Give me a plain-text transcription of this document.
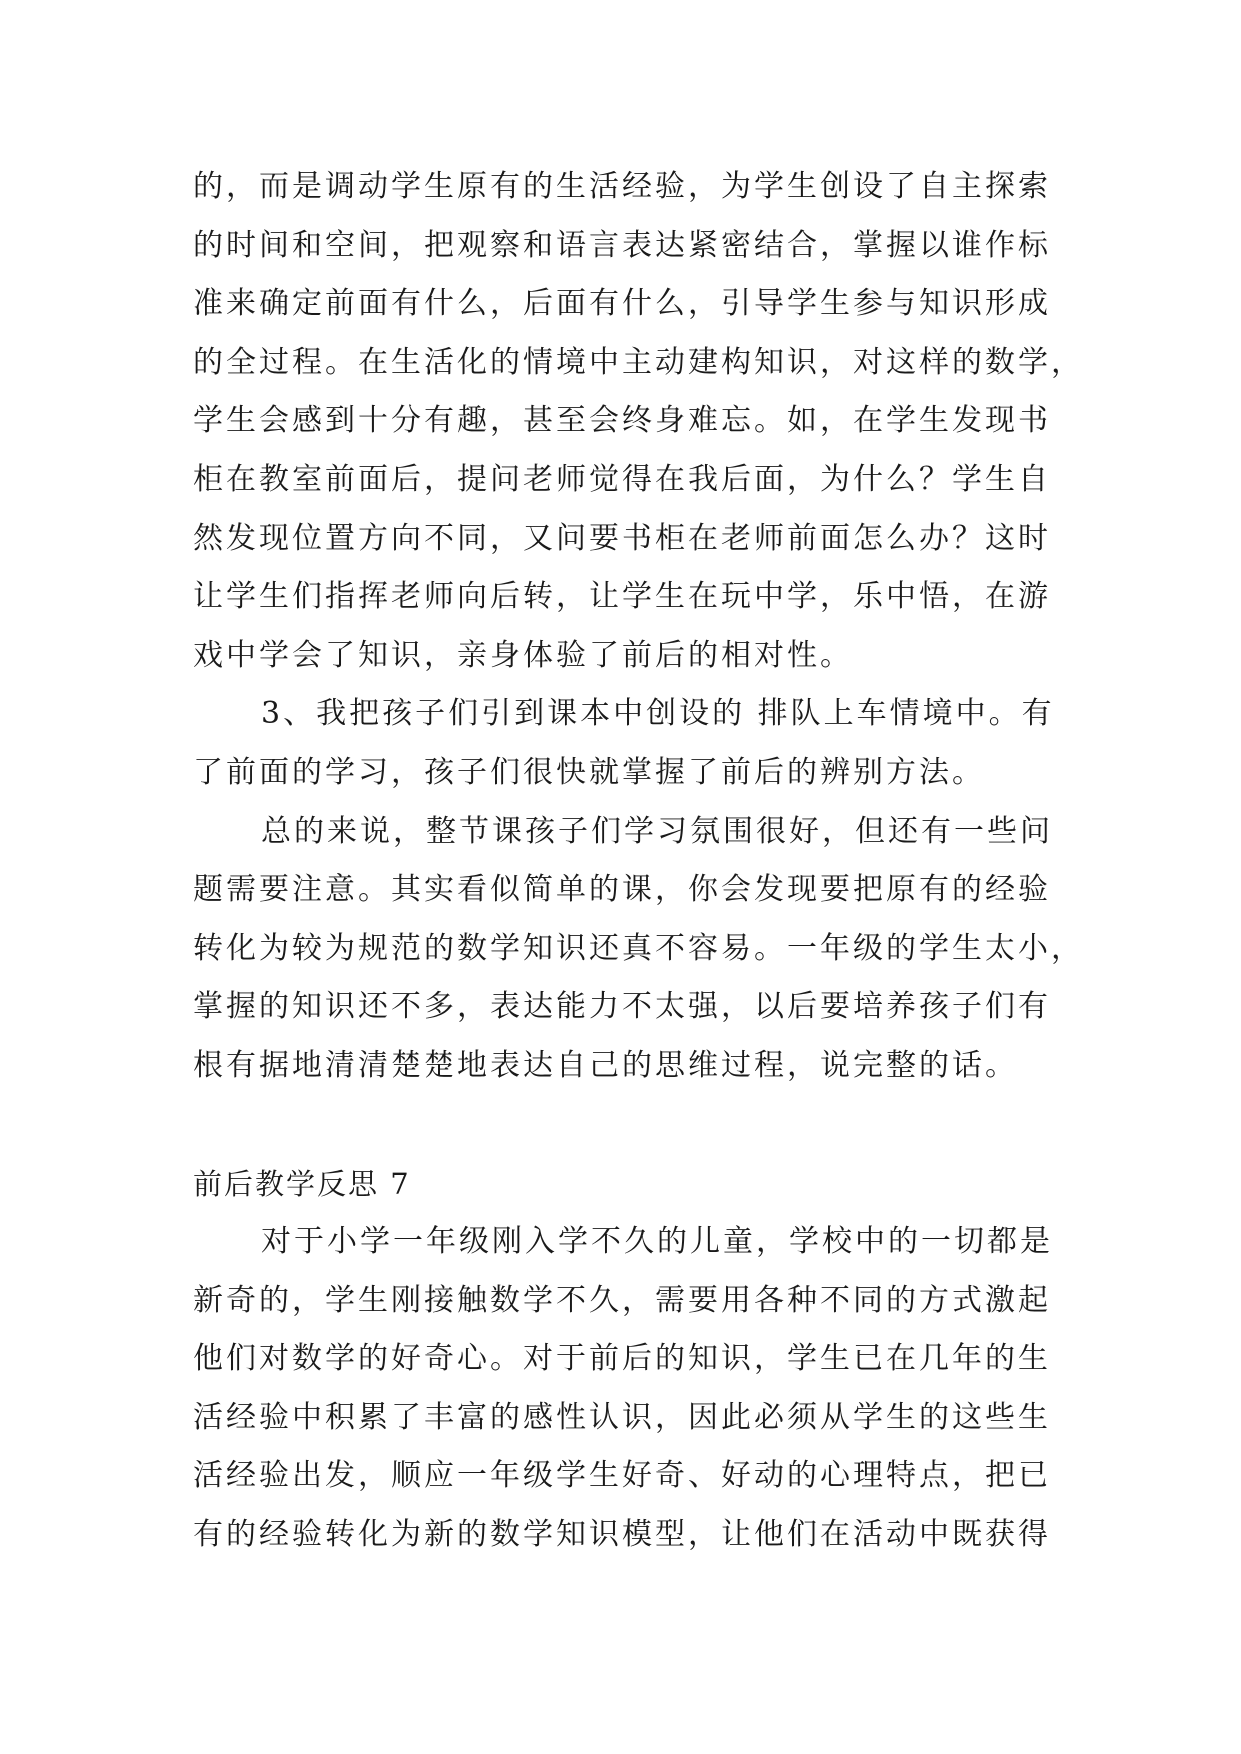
的，而是调动学生原有的生活经验，为学生创设了自主探索

的时间和空间，把观察和语言表达紧密结合，掌握以谁作标

准来确定前面有什么，后面有什么，引导学生参与知识形成

的全过程。在生活化的情境中主动建构知识，对这样的数学，

学生会感到十分有趣，甚至会终身难忘。如，在学生发现书

柜在教室前面后，提问老师觉得在我后面，为什么？学生自

然发现位置方向不同，又问要书柜在老师前面怎么办？这时

让学生们指挥老师向后转，让学生在玩中学，乐中悟，在游

戏中学会了知识，亲身体验了前后的相对性。

3、我把孩子们引到课本中创设的 排队上车情境中。有

了前面的学习，孩子们很快就掌握了前后的辨别方法。

总的来说，整节课孩子们学习氛围很好，但还有一些问

题需要注意。其实看似简单的课，你会发现要把原有的经验

转化为较为规范的数学知识还真不容易。一年级的学生太小，

掌握的知识还不多，表达能力不太强，以后要培养孩子们有

根有据地清清楚楚地表达自己的思维过程，说完整的话。

前后教学反思 7

对于小学一年级刚入学不久的儿童，学校中的一切都是

新奇的，学生刚接触数学不久，需要用各种不同的方式激起

他们对数学的好奇心。对于前后的知识，学生已在几年的生

活经验中积累了丰富的感性认识，因此必须从学生的这些生

活经验出发，顺应一年级学生好奇、好动的心理特点，把已

有的经验转化为新的数学知识模型，让他们在活动中既获得
